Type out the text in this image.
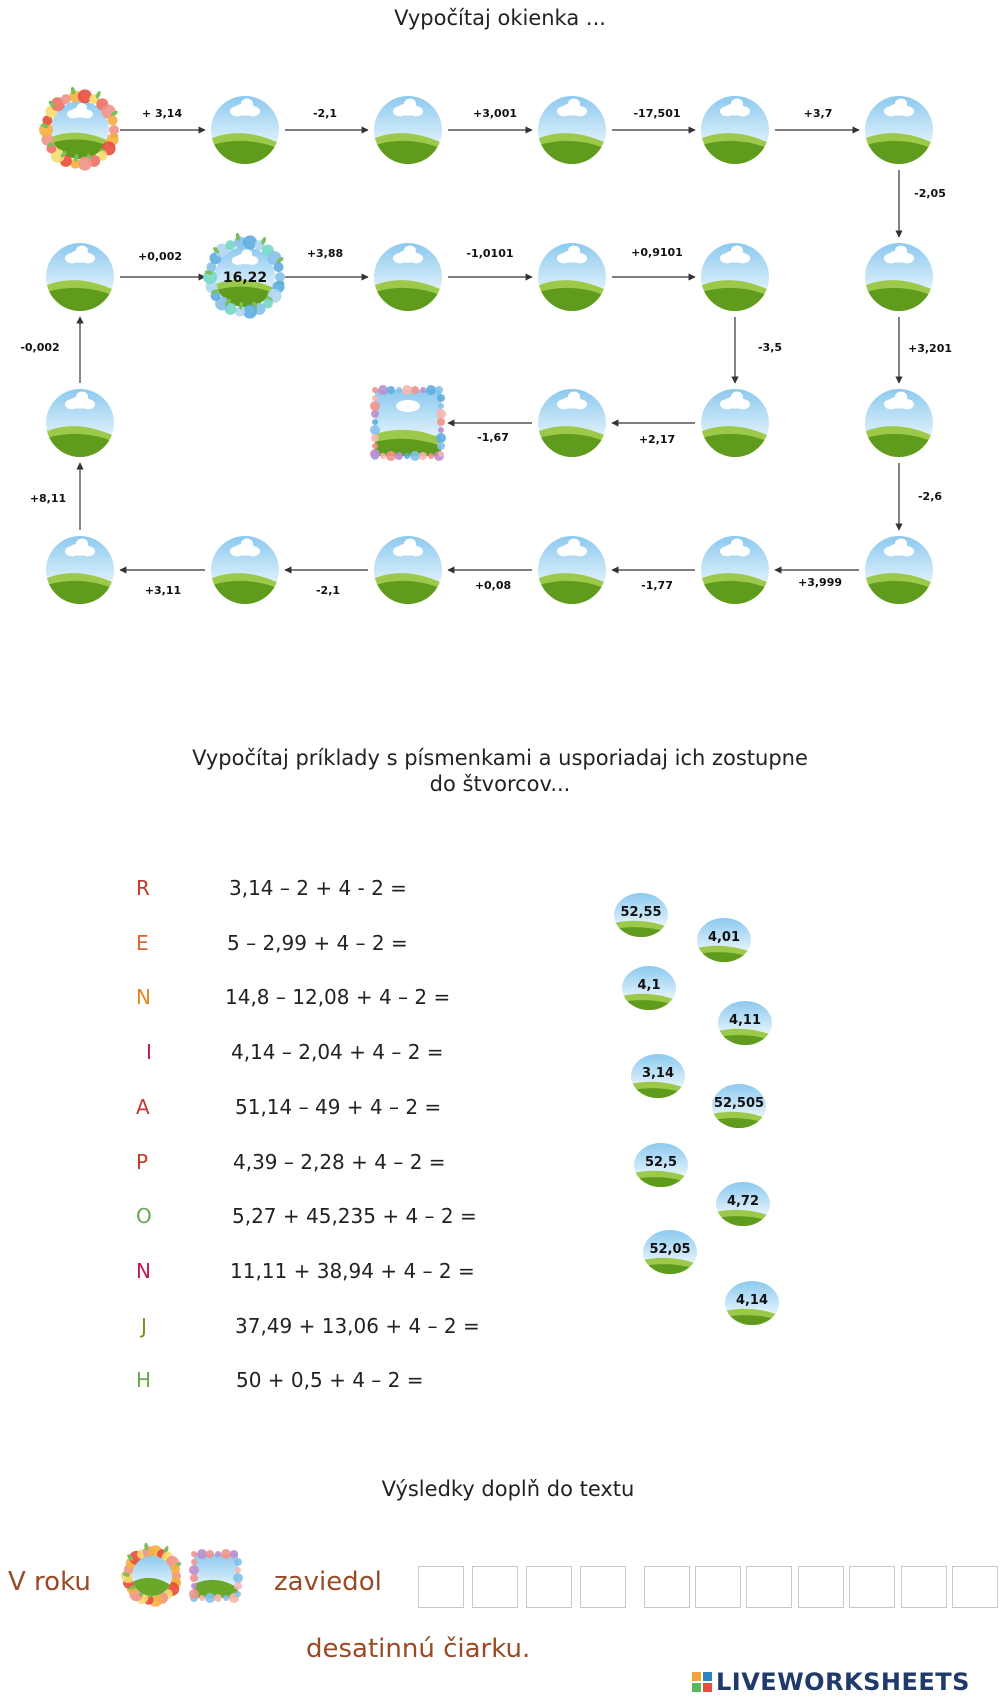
+ 3,14	-2,1	+3,001	-17,501	+3,7
-2,05
+3,201
-2,6
+3,999
-1,77
+0,08
-2,1
+3,11
+8,11
-0,002
+0,002	+3,88	-1,0101	+0,9101
-3,5
+2,17
-1,67
52,55
4,01
4,1
4,11
3,14
52,505
52,5
4,72
52,05
4,14
16,22
Vypočítaj okienka ...
Vypočítaj príklady s písmenkami a usporiadaj ich zostupne
do štvorcov...
R	3,14 – 2 + 4 - 2 =
E	5 – 2,99 + 4 – 2 =
N	14,8 – 12,08 + 4 – 2 =
I	4,14 – 2,04 + 4 – 2 =
A	51,14 – 49 + 4 – 2 =
P	4,39 – 2,28 + 4 – 2 =
O	5,27 + 45,235 + 4 – 2 =
N	11,11 + 38,94 + 4 – 2 =
J	37,49 + 13,06 + 4 – 2 =
H	50 + 0,5 + 4 – 2 =
Výsledky doplň do textu
V roku	zaviedol
desatinnú čiarku.
LIVEWORKSHEETS
